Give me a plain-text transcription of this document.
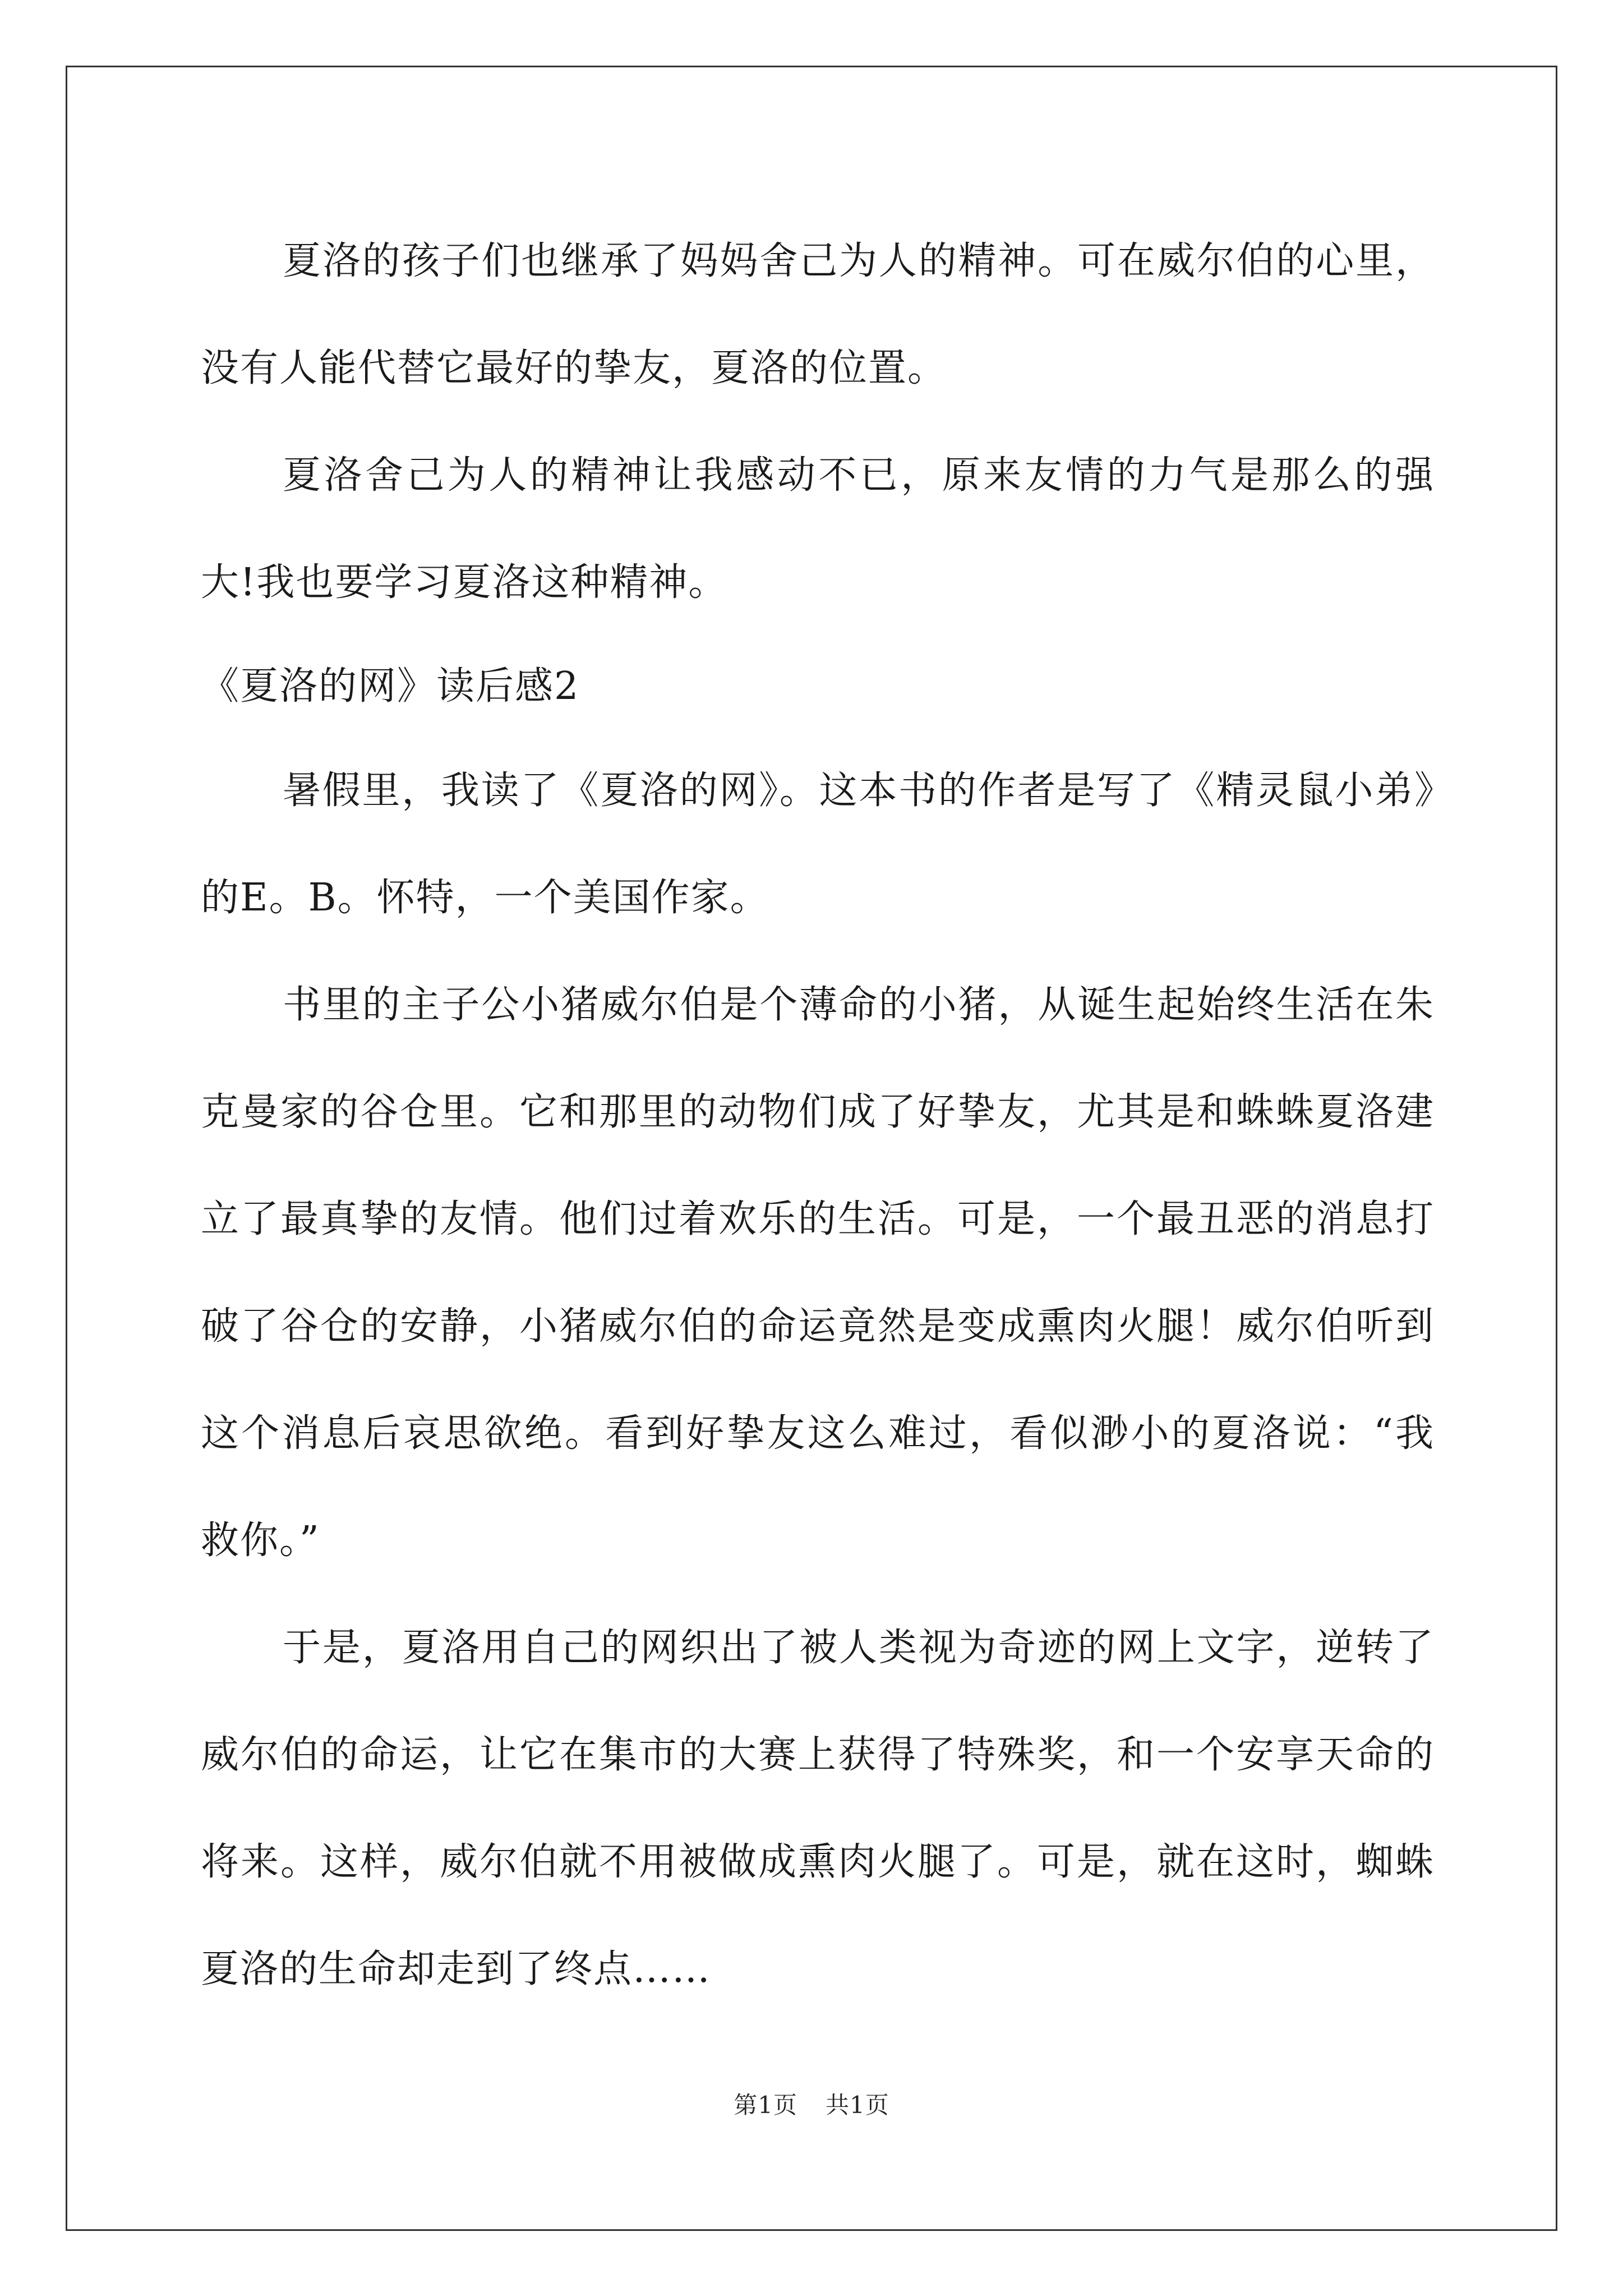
夏洛的孩子们也继承了妈妈舍己为人的精神。可在威尔伯的心里，没有人能代替它最好的挚友，夏洛的位置。

夏洛舍己为人的精神让我感动不已，原来友情的力气是那么的强大!我也要学习夏洛这种精神。

《夏洛的网》读后感2

暑假里，我读了《夏洛的网》。这本书的作者是写了《精灵鼠小弟》的E。B。怀特，一个美国作家。

书里的主子公小猪威尔伯是个薄命的小猪，从诞生起始终生活在朱克曼家的谷仓里。它和那里的动物们成了好挚友，尤其是和蛛蛛夏洛建立了最真挚的友情。他们过着欢乐的生活。可是，一个最丑恶的消息打破了谷仓的安静，小猪威尔伯的命运竟然是变成熏肉火腿！威尔伯听到这个消息后哀思欲绝。看到好挚友这么难过，看似渺小的夏洛说：“我救你。”

于是，夏洛用自己的网织出了被人类视为奇迹的网上文字，逆转了威尔伯的命运，让它在集市的大赛上获得了特殊奖，和一个安享天命的将来。这样，威尔伯就不用被做成熏肉火腿了。可是，就在这时，蜘蛛夏洛的生命却走到了终点……

第1页 共1页
